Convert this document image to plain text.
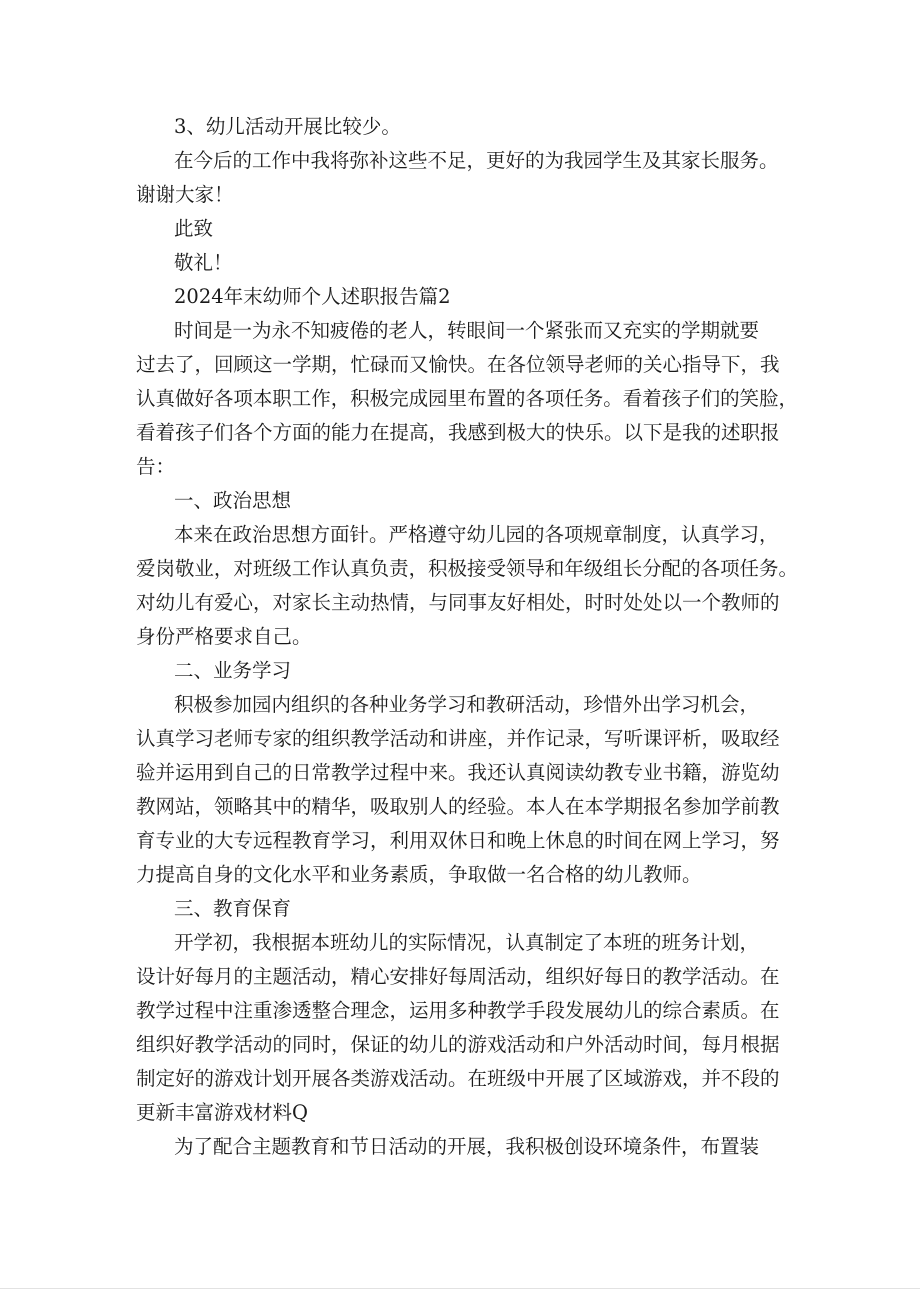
3、幼儿活动开展比较少。
在今后的工作中我将弥补这些不足，更好的为我园学生及其家长服务。
谢谢大家！
此致
敬礼！
2024年末幼师个人述职报告篇2
时间是一为永不知疲倦的老人，转眼间一个紧张而又充实的学期就要
过去了，回顾这一学期，忙碌而又愉快。在各位领导老师的关心指导下，我
认真做好各项本职工作，积极完成园里布置的各项任务。看着孩子们的笑脸，
看着孩子们各个方面的能力在提高，我感到极大的快乐。以下是我的述职报
告：
一、政治思想
本来在政治思想方面针。严格遵守幼儿园的各项规章制度，认真学习，
爱岗敬业，对班级工作认真负责，积极接受领导和年级组长分配的各项任务。
对幼儿有爱心，对家长主动热情，与同事友好相处，时时处处以一个教师的
身份严格要求自己。
二、业务学习
积极参加园内组织的各种业务学习和教研活动，珍惜外出学习机会，
认真学习老师专家的组织教学活动和讲座，并作记录，写听课评析，吸取经
验并运用到自己的日常教学过程中来。我还认真阅读幼教专业书籍，游览幼
教网站，领略其中的精华，吸取别人的经验。本人在本学期报名参加学前教
育专业的大专远程教育学习，利用双休日和晚上休息的时间在网上学习，努
力提高自身的文化水平和业务素质，争取做一名合格的幼儿教师。
三、教育保育
开学初，我根据本班幼儿的实际情况，认真制定了本班的班务计划，
设计好每月的主题活动，精心安排好每周活动，组织好每日的教学活动。在
教学过程中注重渗透整合理念，运用多种教学手段发展幼儿的综合素质。在
组织好教学活动的同时，保证的幼儿的游戏活动和户外活动时间，每月根据
制定好的游戏计划开展各类游戏活动。在班级中开展了区域游戏，并不段的
更新丰富游戏材料Q
为了配合主题教育和节日活动的开展，我积极创设环境条件，布置装
